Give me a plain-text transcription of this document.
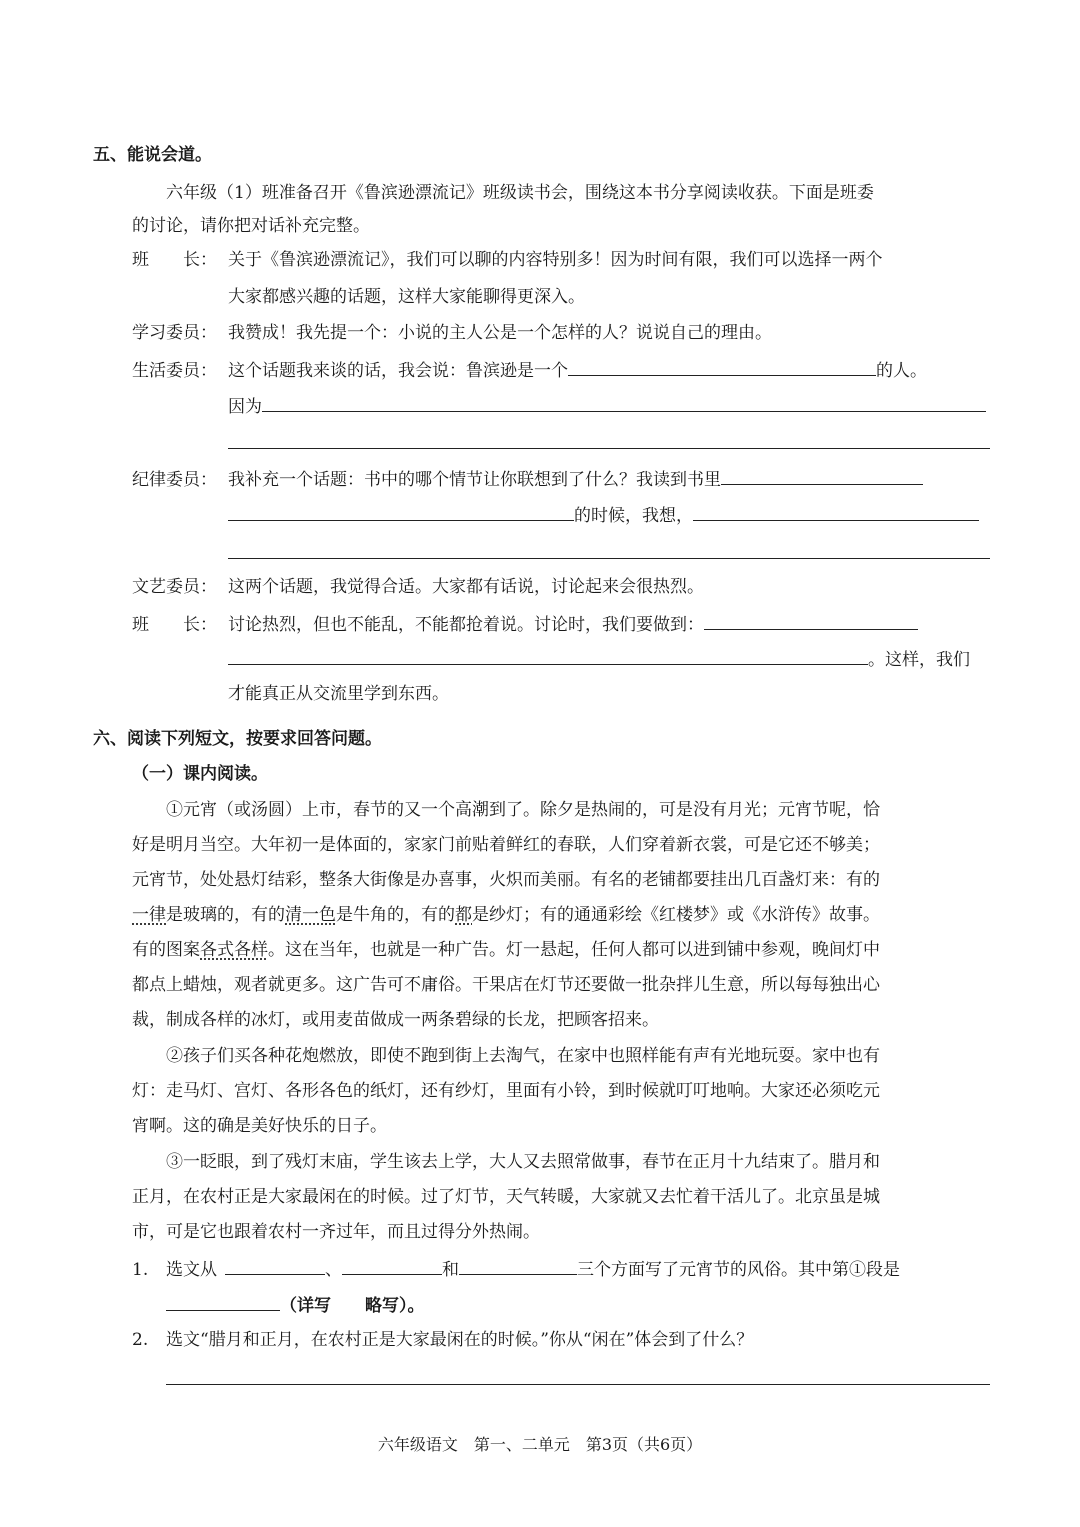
五、能说会道。
六年级（1）班准备召开《鲁滨逊漂流记》班级读书会，围绕这本书分享阅读收获。下面是班委
的讨论，请你把对话补充完整。
班　　长： 关于《鲁滨逊漂流记》，我们可以聊的内容特别多！因为时间有限，我们可以选择一两个
大家都感兴趣的话题，这样大家能聊得更深入。
学习委员： 我赞成！我先提一个：小说的主人公是一个怎样的人？说说自己的理由。
生活委员： 这个话题我来谈的话，我会说：鲁滨逊是一个	的人。
因为
纪律委员： 我补充一个话题：书中的哪个情节让你联想到了什么？我读到书里
的时候，我想，
文艺委员： 这两个话题，我觉得合适。大家都有话说，讨论起来会很热烈。
班　　长： 讨论热烈，但也不能乱，不能都抢着说。讨论时，我们要做到：
。这样，我们
才能真正从交流里学到东西。
六、阅读下列短文，按要求回答问题。
（一）课内阅读。
①元宵（或汤圆）上市，春节的又一个高潮到了。除夕是热闹的，可是没有月光；元宵节呢，恰
好是明月当空。大年初一是体面的，家家门前贴着鲜红的春联，人们穿着新衣裳，可是它还不够美；
元宵节，处处悬灯结彩，整条大街像是办喜事，火炽而美丽。有名的老铺都要挂出几百盏灯来：有的
一律是玻璃的，有的清一色是牛角的，有的都是纱灯；有的通通彩绘《红楼梦》或《水浒传》故事。
有的图案各式各样。这在当年，也就是一种广告。灯一悬起，任何人都可以进到铺中参观，晚间灯中
都点上蜡烛，观者就更多。这广告可不庸俗。干果店在灯节还要做一批杂拌儿生意，所以每每独出心
裁，制成各样的冰灯，或用麦苗做成一两条碧绿的长龙，把顾客招来。
②孩子们买各种花炮燃放，即使不跑到街上去淘气，在家中也照样能有声有光地玩耍。家中也有
灯：走马灯、宫灯、各形各色的纸灯，还有纱灯，里面有小铃，到时候就叮叮地响。大家还必须吃元
宵啊。这的确是美好快乐的日子。
③一眨眼，到了残灯末庙，学生该去上学，大人又去照常做事，春节在正月十九结束了。腊月和
正月，在农村正是大家最闲在的时候。过了灯节，天气转暖，大家就又去忙着干活儿了。北京虽是城
市，可是它也跟着农村一齐过年，而且过得分外热闹。
1. 选文从	、	和	三个方面写了元宵节的风俗。其中第①段是
（详写　　略写）。
2. 选文“腊月和正月，在农村正是大家最闲在的时候。”你从“闲在”体会到了什么？
六年级语文　第一、二单元　第3页（共6页）
